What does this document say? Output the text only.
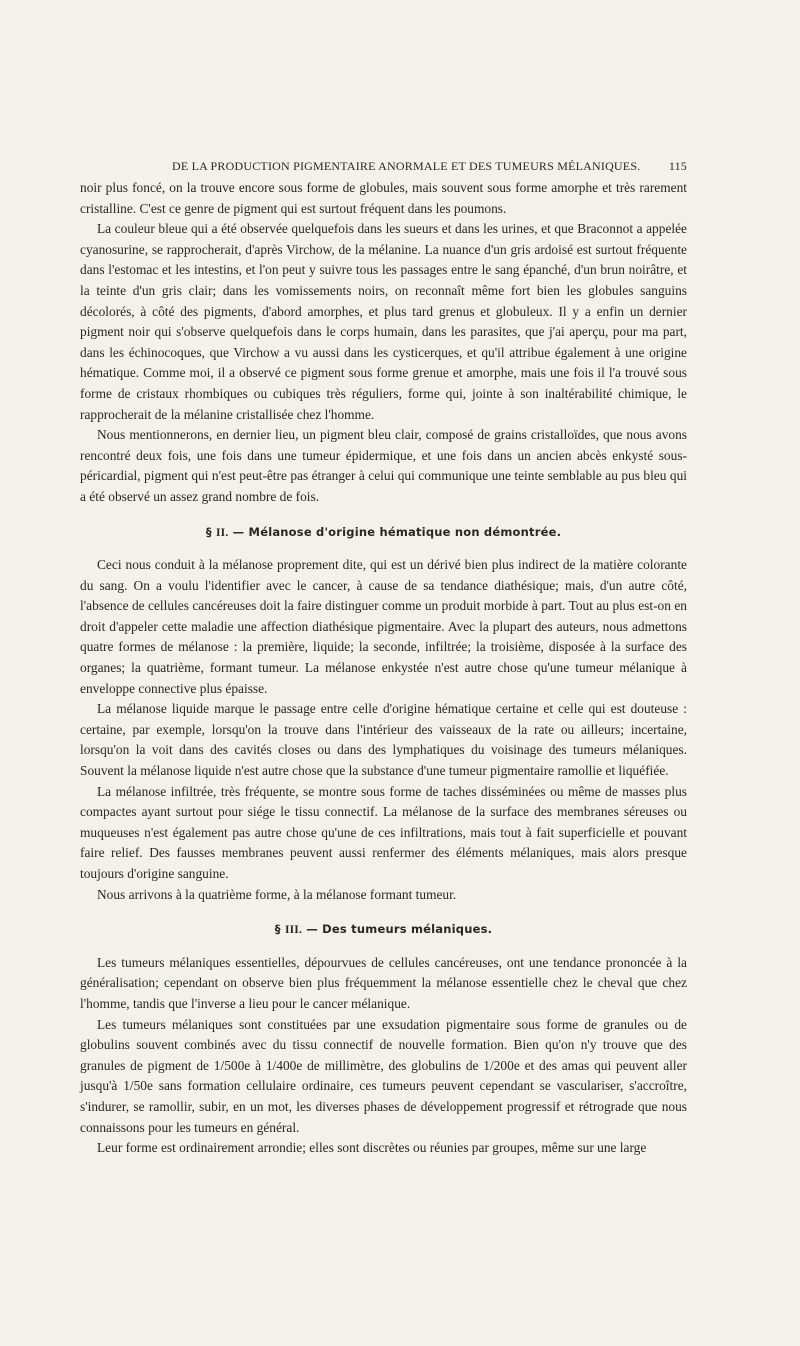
DE LA PRODUCTION PIGMENTAIRE ANORMALE ET DES TUMEURS MÉLANIQUES. 115

noir plus foncé, on la trouve encore sous forme de globules, mais souvent sous forme amorphe et très rarement cristalline. C'est ce genre de pigment qui est surtout fréquent dans les poumons.

La couleur bleue qui a été observée quelquefois dans les sueurs et dans les urines, et que Braconnot a appelée cyanosurine, se rapprocherait, d'après Virchow, de la mélanine. La nuance d'un gris ardoisé est surtout fréquente dans l'estomac et les intestins, et l'on peut y suivre tous les passages entre le sang épanché, d'un brun noirâtre, et la teinte d'un gris clair; dans les vomissements noirs, on reconnaît même fort bien les globules sanguins décolorés, à côté des pigments, d'abord amorphes, et plus tard grenus et globuleux. Il y a enfin un dernier pigment noir qui s'observe quelquefois dans le corps humain, dans les parasites, que j'ai aperçu, pour ma part, dans les échinocoques, que Virchow a vu aussi dans les cysticerques, et qu'il attribue également à une origine hématique. Comme moi, il a observé ce pigment sous forme grenue et amorphe, mais une fois il l'a trouvé sous forme de cristaux rhombiques ou cubiques très réguliers, forme qui, jointe à son inaltérabilité chimique, le rapprocherait de la mélanine cristallisée chez l'homme.

Nous mentionnerons, en dernier lieu, un pigment bleu clair, composé de grains cristalloïdes, que nous avons rencontré deux fois, une fois dans une tumeur épidermique, et une fois dans un ancien abcès enkysté sous-péricardial, pigment qui n'est peut-être pas étranger à celui qui communique une teinte semblable au pus bleu qui a été observé un assez grand nombre de fois.

§ II. — Mélanose d'origine hématique non démontrée.

Ceci nous conduit à la mélanose proprement dite, qui est un dérivé bien plus indirect de la matière colorante du sang. On a voulu l'identifier avec le cancer, à cause de sa tendance diathésique; mais, d'un autre côté, l'absence de cellules cancéreuses doit la faire distinguer comme un produit morbide à part. Tout au plus est-on en droit d'appeler cette maladie une affection diathésique pigmentaire. Avec la plupart des auteurs, nous admettons quatre formes de mélanose : la première, liquide; la seconde, infiltrée; la troisième, disposée à la surface des organes; la quatrième, formant tumeur. La mélanose enkystée n'est autre chose qu'une tumeur mélanique à enveloppe connective plus épaisse.

La mélanose liquide marque le passage entre celle d'origine hématique certaine et celle qui est douteuse : certaine, par exemple, lorsqu'on la trouve dans l'intérieur des vaisseaux de la rate ou ailleurs; incertaine, lorsqu'on la voit dans des cavités closes ou dans des lymphatiques du voisinage des tumeurs mélaniques. Souvent la mélanose liquide n'est autre chose que la substance d'une tumeur pigmentaire ramollie et liquéfiée.

La mélanose infiltrée, très fréquente, se montre sous forme de taches disséminées ou même de masses plus compactes ayant surtout pour siége le tissu connectif. La mélanose de la surface des membranes séreuses ou muqueuses n'est également pas autre chose qu'une de ces infiltrations, mais tout à fait superficielle et pouvant faire relief. Des fausses membranes peuvent aussi renfermer des éléments mélaniques, mais alors presque toujours d'origine sanguine.

Nous arrivons à la quatrième forme, à la mélanose formant tumeur.

§ III. — Des tumeurs mélaniques.

Les tumeurs mélaniques essentielles, dépourvues de cellules cancéreuses, ont une tendance prononcée à la généralisation; cependant on observe bien plus fréquemment la mélanose essentielle chez le cheval que chez l'homme, tandis que l'inverse a lieu pour le cancer mélanique.

Les tumeurs mélaniques sont constituées par une exsudation pigmentaire sous forme de granules ou de globulins souvent combinés avec du tissu connectif de nouvelle formation. Bien qu'on n'y trouve que des granules de pigment de 1/500e à 1/400e de millimètre, des globulins de 1/200e et des amas qui peuvent aller jusqu'à 1/50e sans formation cellulaire ordinaire, ces tumeurs peuvent cependant se vasculariser, s'accroître, s'indurer, se ramollir, subir, en un mot, les diverses phases de développement progressif et rétrograde que nous connaissons pour les tumeurs en général.

Leur forme est ordinairement arrondie; elles sont discrètes ou réunies par groupes, même sur une large
